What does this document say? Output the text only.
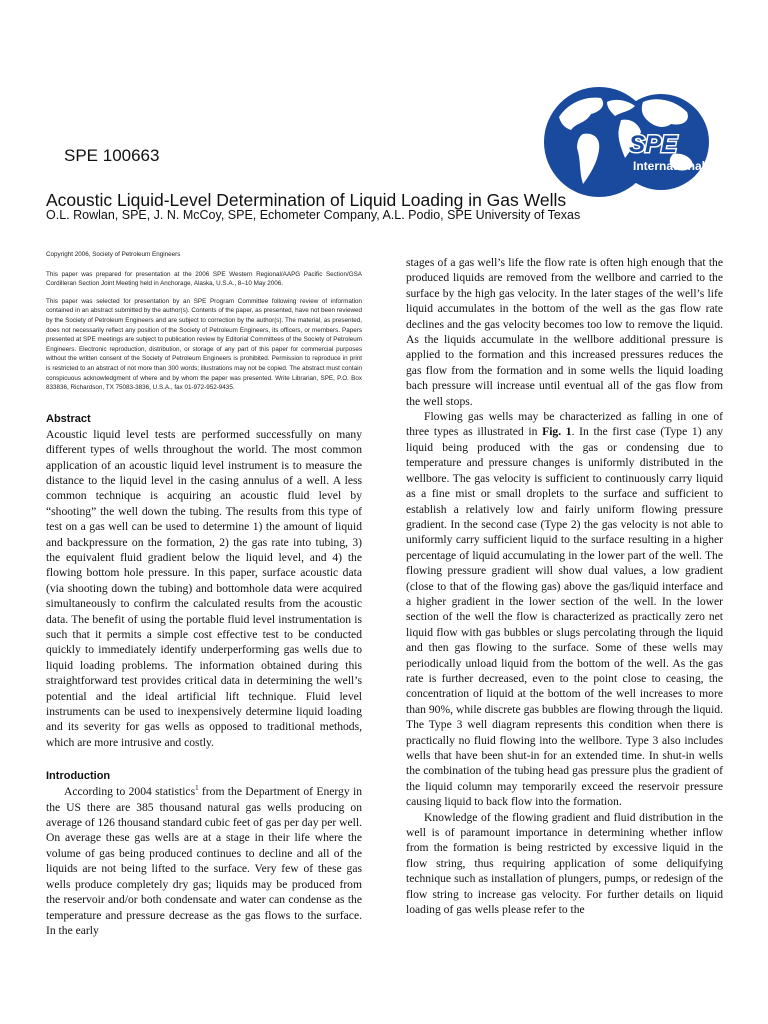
SPE
International
SPE 100663
Acoustic Liquid-Level Determination of Liquid Loading in Gas Wells
O.L. Rowlan, SPE, J. N. McCoy, SPE, Echometer Company, A.L. Podio, SPE University of Texas

Copyright 2006, Society of Petroleum Engineers

This paper was prepared for presentation at the 2006 SPE Western Regional/AAPG Pacific Section/GSA Cordilleran Section Joint Meeting held in Anchorage, Alaska, U.S.A., 8–10 May 2006.

This paper was selected for presentation by an SPE Program Committee following review of information contained in an abstract submitted by the author(s). Contents of the paper, as presented, have not been reviewed by the Society of Petroleum Engineers and are subject to correction by the author(s). The material, as presented, does not necessarily reflect any position of the Society of Petroleum Engineers, its officers, or members. Papers presented at SPE meetings are subject to publication review by Editorial Committees of the Society of Petroleum Engineers. Electronic reproduction, distribution, or storage of any part of this paper for commercial purposes without the written consent of the Society of Petroleum Engineers is prohibited. Permission to reproduce in print is restricted to an abstract of not more than 300 words; illustrations may not be copied. The abstract must contain conspicuous acknowledgment of where and by whom the paper was presented. Write Librarian, SPE, P.O. Box 833836, Richardson, TX 75083-3836, U.S.A., fax 01-972-952-9435.

Abstract

Acoustic liquid level tests are performed successfully on many different types of wells throughout the world. The most common application of an acoustic liquid level instrument is to measure the distance to the liquid level in the casing annulus of a well. A less common technique is acquiring an acoustic fluid level by “shooting” the well down the tubing. The results from this type of test on a gas well can be used to determine 1) the amount of liquid and backpressure on the formation, 2) the gas rate into tubing, 3) the equivalent fluid gradient below the liquid level, and 4) the flowing bottom hole pressure. In this paper, surface acoustic data (via shooting down the tubing) and bottomhole data were acquired simultaneously to confirm the calculated results from the acoustic data. The benefit of using the portable fluid level instrumentation is such that it permits a simple cost effective test to be conducted quickly to immediately identify underperforming gas wells due to liquid loading problems. The information obtained during this straightforward test provides critical data in determining the well’s potential and the ideal artificial lift technique. Fluid level instruments can be used to inexpensively determine liquid loading and its severity for gas wells as opposed to traditional methods, which are more intrusive and costly.

Introduction

According to 2004 statistics$^1$ from the Department of Energy in the US there are 385 thousand natural gas wells producing on average of 126 thousand standard cubic feet of gas per day per well. On average these gas wells are at a stage in their life where the volume of gas being produced continues to decline and all of the liquids are not being lifted to the surface. Very few of these gas wells produce completely dry gas; liquids may be produced from the reservoir and/or both condensate and water can condense as the temperature and pressure decrease as the gas flows to the surface. In the early

stages of a gas well’s life the flow rate is often high enough that the produced liquids are removed from the wellbore and carried to the surface by the high gas velocity. In the later stages of the well’s life liquid accumulates in the bottom of the well as the gas flow rate declines and the gas velocity becomes too low to remove the liquid. As the liquids accumulate in the wellbore additional pressure is applied to the formation and this increased pressures reduces the gas flow from the formation and in some wells the liquid loading bach pressure will increase until eventual all of the gas flow from the well stops.

Flowing gas wells may be characterized as falling in one of three types as illustrated in Fig. 1. In the first case (Type 1) any liquid being produced with the gas or condensing due to temperature and pressure changes is uniformly distributed in the wellbore. The gas velocity is sufficient to continuously carry liquid as a fine mist or small droplets to the surface and sufficient to establish a relatively low and fairly uniform flowing pressure gradient. In the second case (Type 2) the gas velocity is not able to uniformly carry sufficient liquid to the surface resulting in a higher percentage of liquid accumulating in the lower part of the well. The flowing pressure gradient will show dual values, a low gradient (close to that of the flowing gas) above the gas/liquid interface and a higher gradient in the lower section of the well. In the lower section of the well the flow is characterized as practically zero net liquid flow with gas bubbles or slugs percolating through the liquid and then gas flowing to the surface. Some of these wells may periodically unload liquid from the bottom of the well. As the gas rate is further decreased, even to the point close to ceasing, the concentration of liquid at the bottom of the well increases to more than 90%, while discrete gas bubbles are flowing through the liquid. The Type 3 well diagram represents this condition when there is practically no fluid flowing into the wellbore. Type 3 also includes wells that have been shut-in for an extended time. In shut-in wells the combination of the tubing head gas pressure plus the gradient of the liquid column may temporarily exceed the reservoir pressure causing liquid to back flow into the formation.

Knowledge of the flowing gradient and fluid distribution in the well is of paramount importance in determining whether inflow from the formation is being restricted by excessive liquid in the flow string, thus requiring application of some deliquifying technique such as installation of plungers, pumps, or redesign of the flow string to increase gas velocity. For further details on liquid loading of gas wells please refer to the
